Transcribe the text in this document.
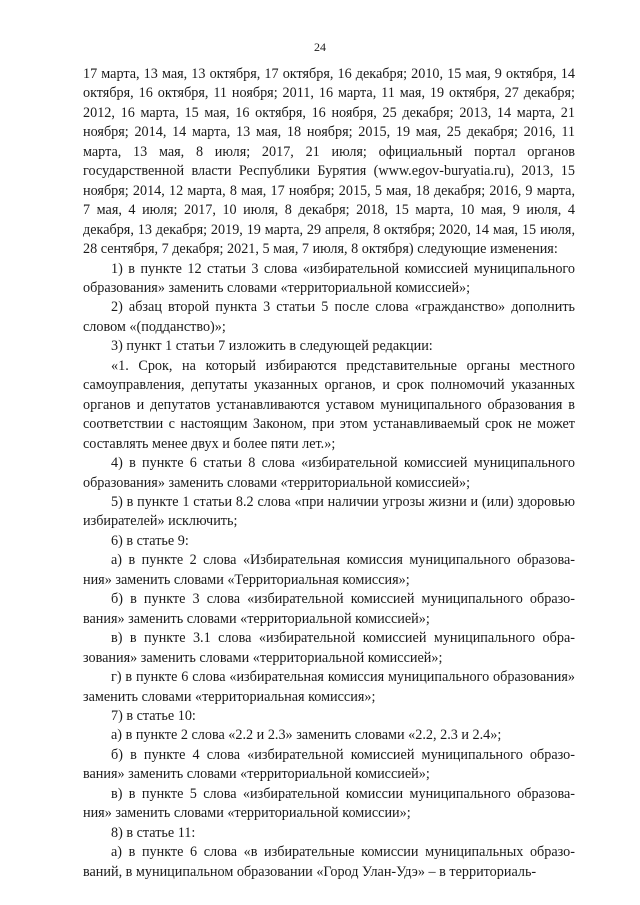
24

17 марта, 13 мая, 13 октября, 17 октября, 16 декабря; 2010, 15 мая, 9 октября, 14 октября, 16 октября, 11 ноября; 2011, 16 марта, 11 мая, 19 октября, 27 декабря; 2012, 16 марта, 15 мая, 16 октября, 16 ноября, 25 декабря; 2013, 14 марта, 21 ноября; 2014, 14 марта, 13 мая, 18 ноября; 2015, 19 мая, 25 декабря; 2016, 11 марта, 13 мая, 8 июля; 2017, 21 июля; официальный портал органов государственной власти Республики Бурятия (www.egov-buryatia.ru), 2013, 15 ноября; 2014, 12 марта, 8 мая, 17 ноября; 2015, 5 мая, 18 декабря; 2016, 9 марта, 7 мая, 4 июля; 2017, 10 июля, 8 декабря; 2018, 15 марта, 10 мая, 9 июля, 4 декабря, 13 декабря; 2019, 19 марта, 29 апреля, 8 октября; 2020, 14 мая, 15 июля, 28 сентября, 7 декабря; 2021, 5 мая, 7 июля, 8 октября) следующие изменения:

1) в пункте 12 статьи 3 слова «избирательной комиссией муниципального образования» заменить словами «территориальной комиссией»;

2) абзац второй пункта 3 статьи 5 после слова «гражданство» дополнить словом «(подданство)»;

3) пункт 1 статьи 7 изложить в следующей редакции:

«1. Срок, на который избираются представительные органы местного самоуправления, депутаты указанных органов, и срок полномочий указанных органов и депутатов устанавливаются уставом муниципального образования в соответствии с настоящим Законом, при этом устанавливаемый срок не может составлять менее двух и более пяти лет.»;

4) в пункте 6 статьи 8 слова «избирательной комиссией муниципального образования» заменить словами «территориальной комиссией»;

5) в пункте 1 статьи 8.2 слова «при наличии угрозы жизни и (или) здоровью избирателей» исключить;

6) в статье 9:

а) в пункте 2 слова «Избирательная комиссия муниципального образования» заменить словами «Территориальная комиссия»;

б) в пункте 3 слова «избирательной комиссией муниципального образования» заменить словами «территориальной комиссией»;

в) в пункте 3.1 слова «избирательной комиссией муниципального образования» заменить словами «территориальной комиссией»;

г) в пункте 6 слова «избирательная комиссия муниципального образования» заменить словами «территориальная комиссия»;

7) в статье 10:

а) в пункте 2 слова «2.2 и 2.3» заменить словами «2.2, 2.3 и 2.4»;

б) в пункте 4 слова «избирательной комиссией муниципального образования» заменить словами «территориальной комиссией»;

в) в пункте 5 слова «избирательной комиссии муниципального образования» заменить словами «территориальной комиссии»;

8) в статье 11:

а) в пункте 6 слова «в избирательные комиссии муниципальных образований, в муниципальном образовании «Город Улан-Удэ» – в территориаль-
